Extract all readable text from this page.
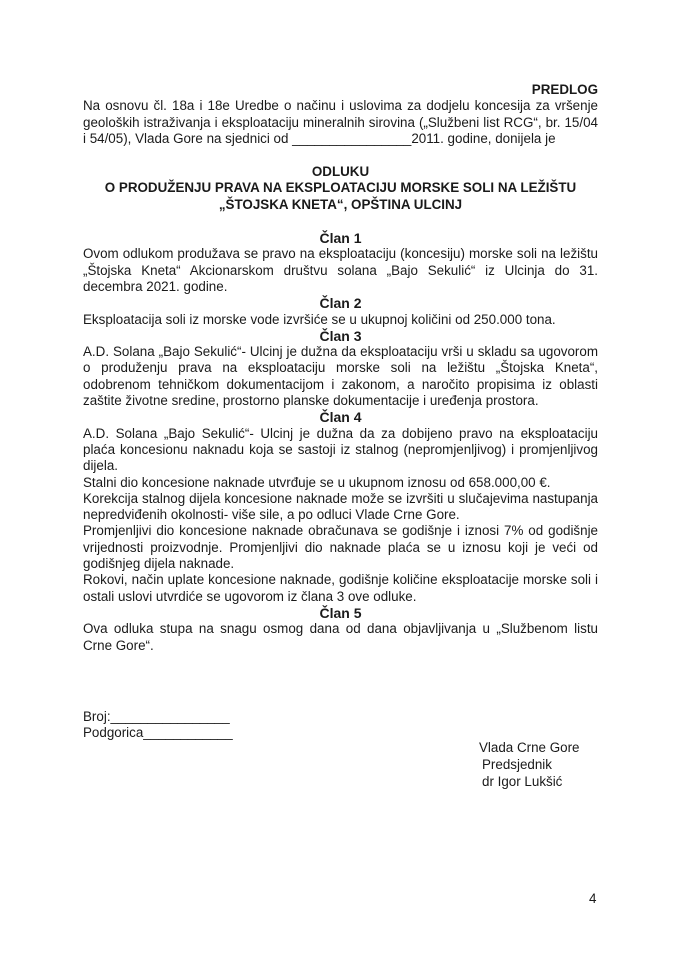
PREDLOG

Na osnovu čl. 18a i 18e Uredbe o načinu i uslovima za dodjelu koncesija za vršenje geoloških istraživanja i eksploataciju mineralnih sirovina („Službeni list RCG“, br. 15/04 i 54/05), Vlada Gore na sjednici od ________________2011. godine, donijela je

ODLUKU

O PRODUŽENJU PRAVA NA EKSPLOATACIJU MORSKE SOLI NA LEŽIŠTU

„ŠTOJSKA KNETA“, OPŠTINA ULCINJ

Član 1

Ovom odlukom produžava se pravo na eksploataciju (koncesiju) morske soli na ležištu „Štojska Kneta“ Akcionarskom društvu solana „Bajo Sekulić“ iz Ulcinja do 31. decembra 2021. godine.

Član 2

Eksploatacija soli iz morske vode izvršiće se u ukupnoj količini od 250.000 tona.

Član 3

A.D. Solana „Bajo Sekulić“- Ulcinj je dužna da eksploataciju vrši u skladu sa ugovorom o produženju prava na eksploataciju morske soli na ležištu „Štojska Kneta“, odobrenom tehničkom dokumentacijom i zakonom, a naročito propisima iz oblasti zaštite životne sredine, prostorno planske dokumentacije i uređenja prostora.

Član 4

A.D. Solana „Bajo Sekulić“- Ulcinj je dužna da za dobijeno pravo na eksploataciju plaća koncesionu naknadu koja se sastoji iz stalnog (nepromjenljivog) i promjenljivog dijela.

Stalni dio koncesione naknade utvrđuje se u ukupnom iznosu od 658.000,00 €.

Korekcija stalnog dijela koncesione naknade može se izvršiti u slučajevima nastupanja nepredviđenih okolnosti- više sile, a po odluci Vlade Crne Gore.

Promjenljivi dio koncesione naknade obračunava se godišnje i iznosi 7% od godišnje vrijednosti proizvodnje. Promjenljivi dio naknade plaća se u iznosu koji je veći od godišnjeg dijela naknade.

Rokovi, način uplate koncesione naknade, godišnje količine eksploatacije morske soli i ostali uslovi utvrdiće se ugovorom iz člana 3 ove odluke.

Član 5

Ova odluka stupa na snagu osmog dana od dana objavljivanja u „Službenom listu Crne Gore“.

Broj:________________
Podgorica____________
Vlada Crne Gore
Predsjednik
dr Igor Lukšić
4
